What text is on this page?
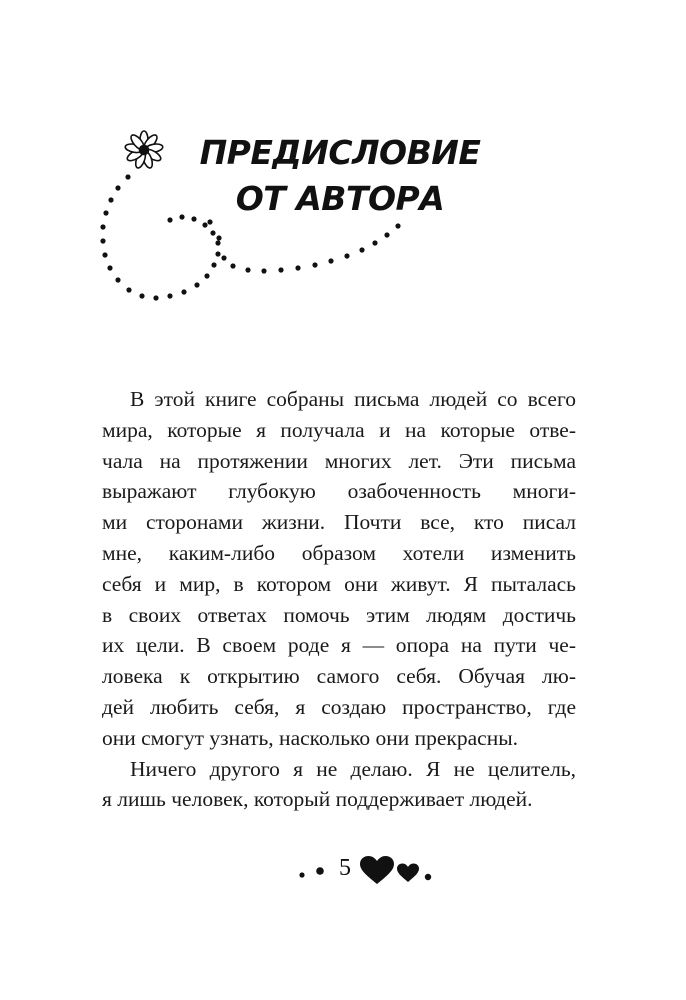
ПРЕДИСЛОВИЕ
ОТ АВТОРА
В этой книге собраны письма людей со всего
мира, которые я получала и на которые отве-
чала на протяжении многих лет. Эти письма
выражают глубокую озабоченность многи-
ми сторонами жизни. Почти все, кто писал
мне, каким-либо образом хотели изменить
себя и мир, в котором они живут. Я пыталась
в своих ответах помочь этим людям достичь
их цели. В своем роде я — опора на пути че-
ловека к открытию самого себя. Обучая лю-
дей любить себя, я создаю пространство, где
они смогут узнать, насколько они прекрасны.
Ничего другого я не делаю. Я не целитель,
я лишь человек, который поддерживает людей.
5
